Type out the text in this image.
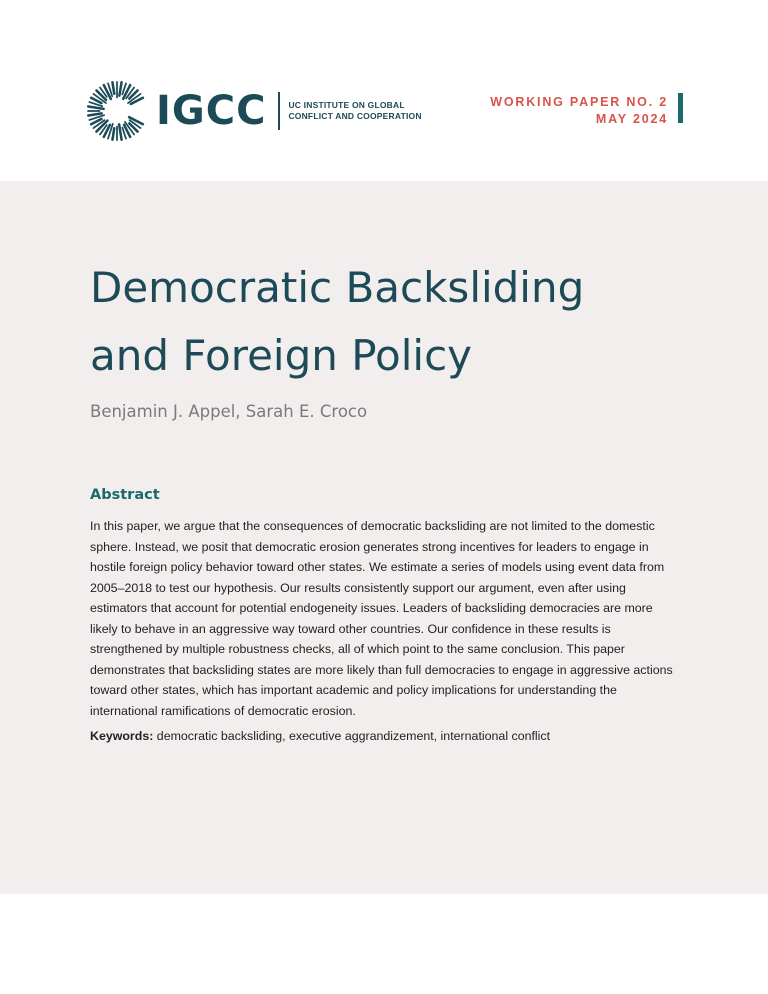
IGCC	UC INSTITUTE ON GLOBAL
CONFLICT AND COOPERATION
WORKING PAPER NO. 2
MAY 2024
Democratic Backsliding
and Foreign Policy
Benjamin J. Appel, Sarah E. Croco
Abstract

In this paper, we argue that the consequences of democratic backsliding are not limited to the domestic sphere. Instead, we posit that democratic erosion generates strong incentives for leaders to engage in hostile foreign policy behavior toward other states. We estimate a series of models using event data from 2005–2018 to test our hypothesis. Our results consistently support our argument, even after using estimators that account for potential endogeneity issues. Leaders of backsliding democracies are more likely to behave in an aggressive way toward other countries. Our confidence in these results is strengthened by multiple robustness checks, all of which point to the same conclusion. This paper demonstrates that backsliding states are more likely than full democracies to engage in aggressive actions toward other states, which has important academic and policy implications for understanding the international ramifications of democratic erosion.

Keywords: democratic backsliding, executive aggrandizement, international conflict
